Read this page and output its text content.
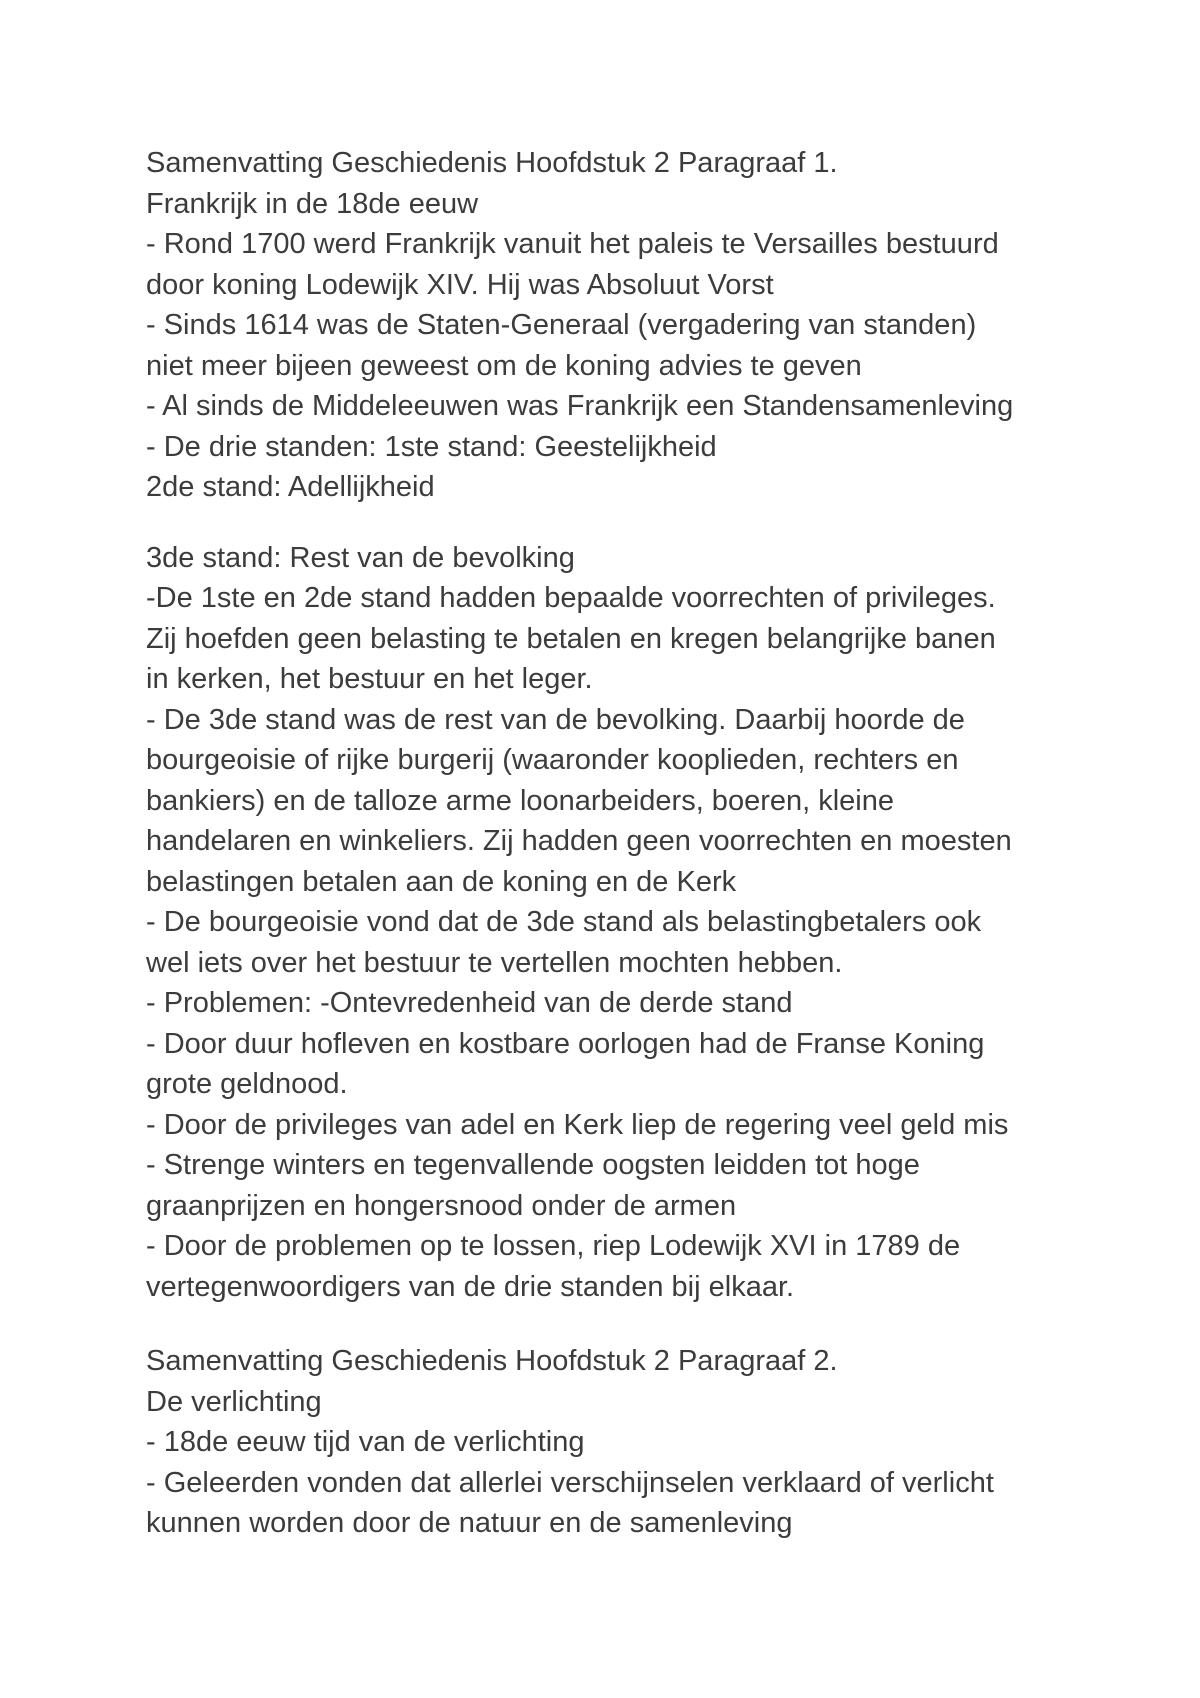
Samenvatting Geschiedenis Hoofdstuk 2 Paragraaf 1.
Frankrijk in de 18de eeuw
- Rond 1700 werd Frankrijk vanuit het paleis te Versailles bestuurd
door koning Lodewijk XIV. Hij was Absoluut Vorst
- Sinds 1614 was de Staten-Generaal (vergadering van standen)
niet meer bijeen geweest om de koning advies te geven
- Al sinds de Middeleeuwen was Frankrijk een Standensamenleving
- De drie standen: 1ste stand: Geestelijkheid
2de stand: Adellijkheid
3de stand: Rest van de bevolking
-De 1ste en 2de stand hadden bepaalde voorrechten of privileges.
Zij hoefden geen belasting te betalen en kregen belangrijke banen
in kerken, het bestuur en het leger.
- De 3de stand was de rest van de bevolking. Daarbij hoorde de
bourgeoisie of rijke burgerij (waaronder kooplieden, rechters en
bankiers) en de talloze arme loonarbeiders, boeren, kleine
handelaren en winkeliers. Zij hadden geen voorrechten en moesten
belastingen betalen aan de koning en de Kerk
- De bourgeoisie vond dat de 3de stand als belastingbetalers ook
wel iets over het bestuur te vertellen mochten hebben.
- Problemen: -Ontevredenheid van de derde stand
- Door duur hofleven en kostbare oorlogen had de Franse Koning
grote geldnood.
- Door de privileges van adel en Kerk liep de regering veel geld mis
- Strenge winters en tegenvallende oogsten leidden tot hoge
graanprijzen en hongersnood onder de armen
- Door de problemen op te lossen, riep Lodewijk XVI in 1789 de
vertegenwoordigers van de drie standen bij elkaar.
Samenvatting Geschiedenis Hoofdstuk 2 Paragraaf 2.
De verlichting
- 18de eeuw tijd van de verlichting
- Geleerden vonden dat allerlei verschijnselen verklaard of verlicht
kunnen worden door de natuur en de samenleving
